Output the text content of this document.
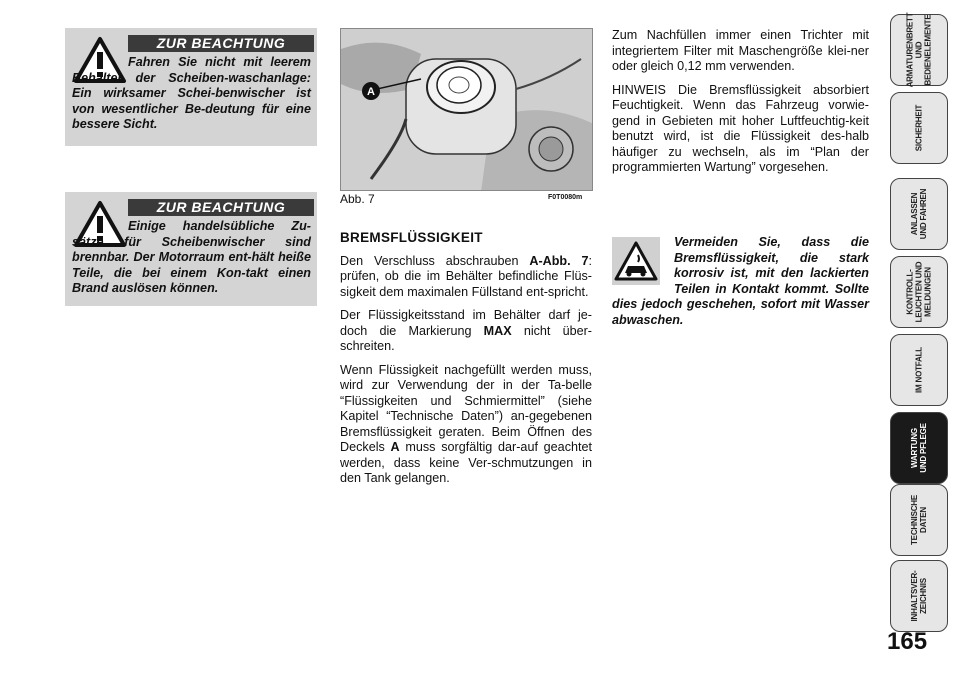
ZUR BEACHTUNG

Fahren Sie nicht mit leerem Behälter der Scheiben-waschanlage: Ein wirksamer Schei-benwischer ist von wesentlicher Be-deutung für eine bessere Sicht.

ZUR BEACHTUNG

Einige handelsübliche Zu-sätze für Scheibenwischer sind brennbar. Der Motorraum ent-hält heiße Teile, die bei einem Kon-takt einen Brand auslösen können.

A
Abb. 7	F0T0080m
BREMSFLÜSSIGKEIT

Den Verschluss abschrauben A-Abb. 7: prüfen, ob die im Behälter befindliche Flüs-sigkeit dem maximalen Füllstand ent-spricht.

Der Flüssigkeitsstand im Behälter darf je-doch die Markierung MAX nicht über-schreiten.

Wenn Flüssigkeit nachgefüllt werden muss, wird zur Verwendung der in der Ta-belle “Flüssigkeiten und Schmiermittel” (siehe Kapitel “Technische Daten”) an-gegebenen Bremsflüssigkeit geraten. Beim Öffnen des Deckels A muss sorgfältig dar-auf geachtet werden, dass keine Ver-schmutzungen in den Tank gelangen.

Zum Nachfüllen immer einen Trichter mit integriertem Filter mit Maschengröße klei-ner oder gleich 0,12 mm verwenden.

HINWEIS Die Bremsflüssigkeit absorbiert Feuchtigkeit. Wenn das Fahrzeug vorwie-gend in Gebieten mit hoher Luftfeuchtig-keit benutzt wird, ist die Flüssigkeit des-halb häufiger zu wechseln, als im “Plan der programmierten Wartung” vorgesehen.

Vermeiden Sie, dass die Bremsflüssigkeit, die stark korrosiv ist, mit den lackierten Teilen in Kontakt kommt. Sollte dies jedoch geschehen, sofort mit Wasser abwaschen.

ARMATURENBRETT
UND
BEDIENELEMENTE
SICHERHEIT
ANLASSEN
UND FAHREN
KONTROLL-
LEUCHTEN UND
MELDUNGEN
IM NOTFALL
WARTUNG
UND PFLEGE
TECHNISCHE
DATEN
INHALTSVER-
ZEICHNIS
165
